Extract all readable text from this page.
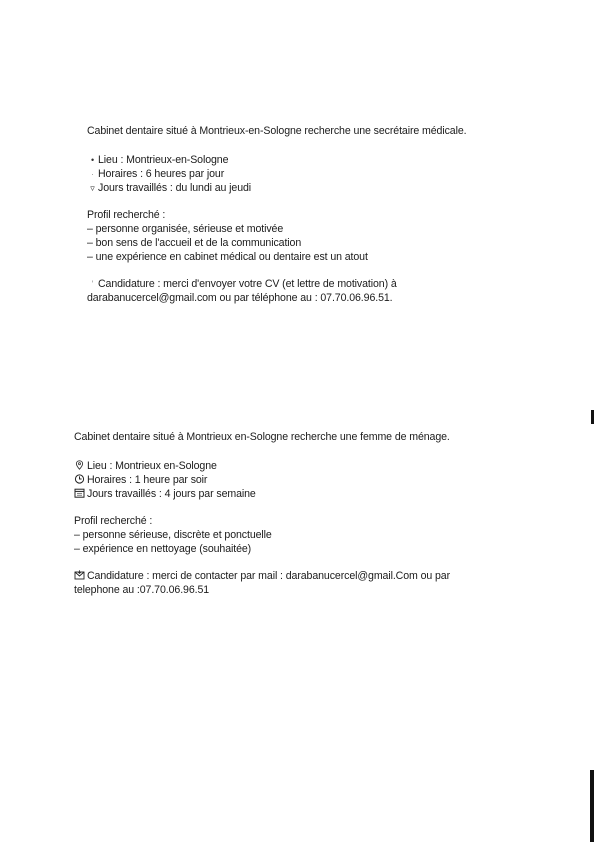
Cabinet dentaire situé à Montrieux-en-Sologne recherche une secrétaire médicale.
• Lieu : Montrieux-en-Sologne
· Horaires : 6 heures par jour
▿ Jours travaillés : du lundi au jeudi
Profil recherché :
– personne organisée, sérieuse et motivée
– bon sens de l'accueil et de la communication
– une expérience en cabinet médical ou dentaire est un atout
' Candidature : merci d'envoyer votre CV (et lettre de motivation) à
darabanucercel@gmail.com ou par téléphone au : 07.70.06.96.51.
Cabinet dentaire situé à Montrieux en-Sologne recherche une femme de ménage.
Lieu : Montrieux en-Sologne
Horaires : 1 heure par soir
Jours travaillés : 4 jours par semaine
Profil recherché :
– personne sérieuse, discrète et ponctuelle
– expérience en nettoyage (souhaitée)
Candidature : merci de contacter par mail : darabanucercel@gmail.Com ou par
telephone au :07.70.06.96.51
